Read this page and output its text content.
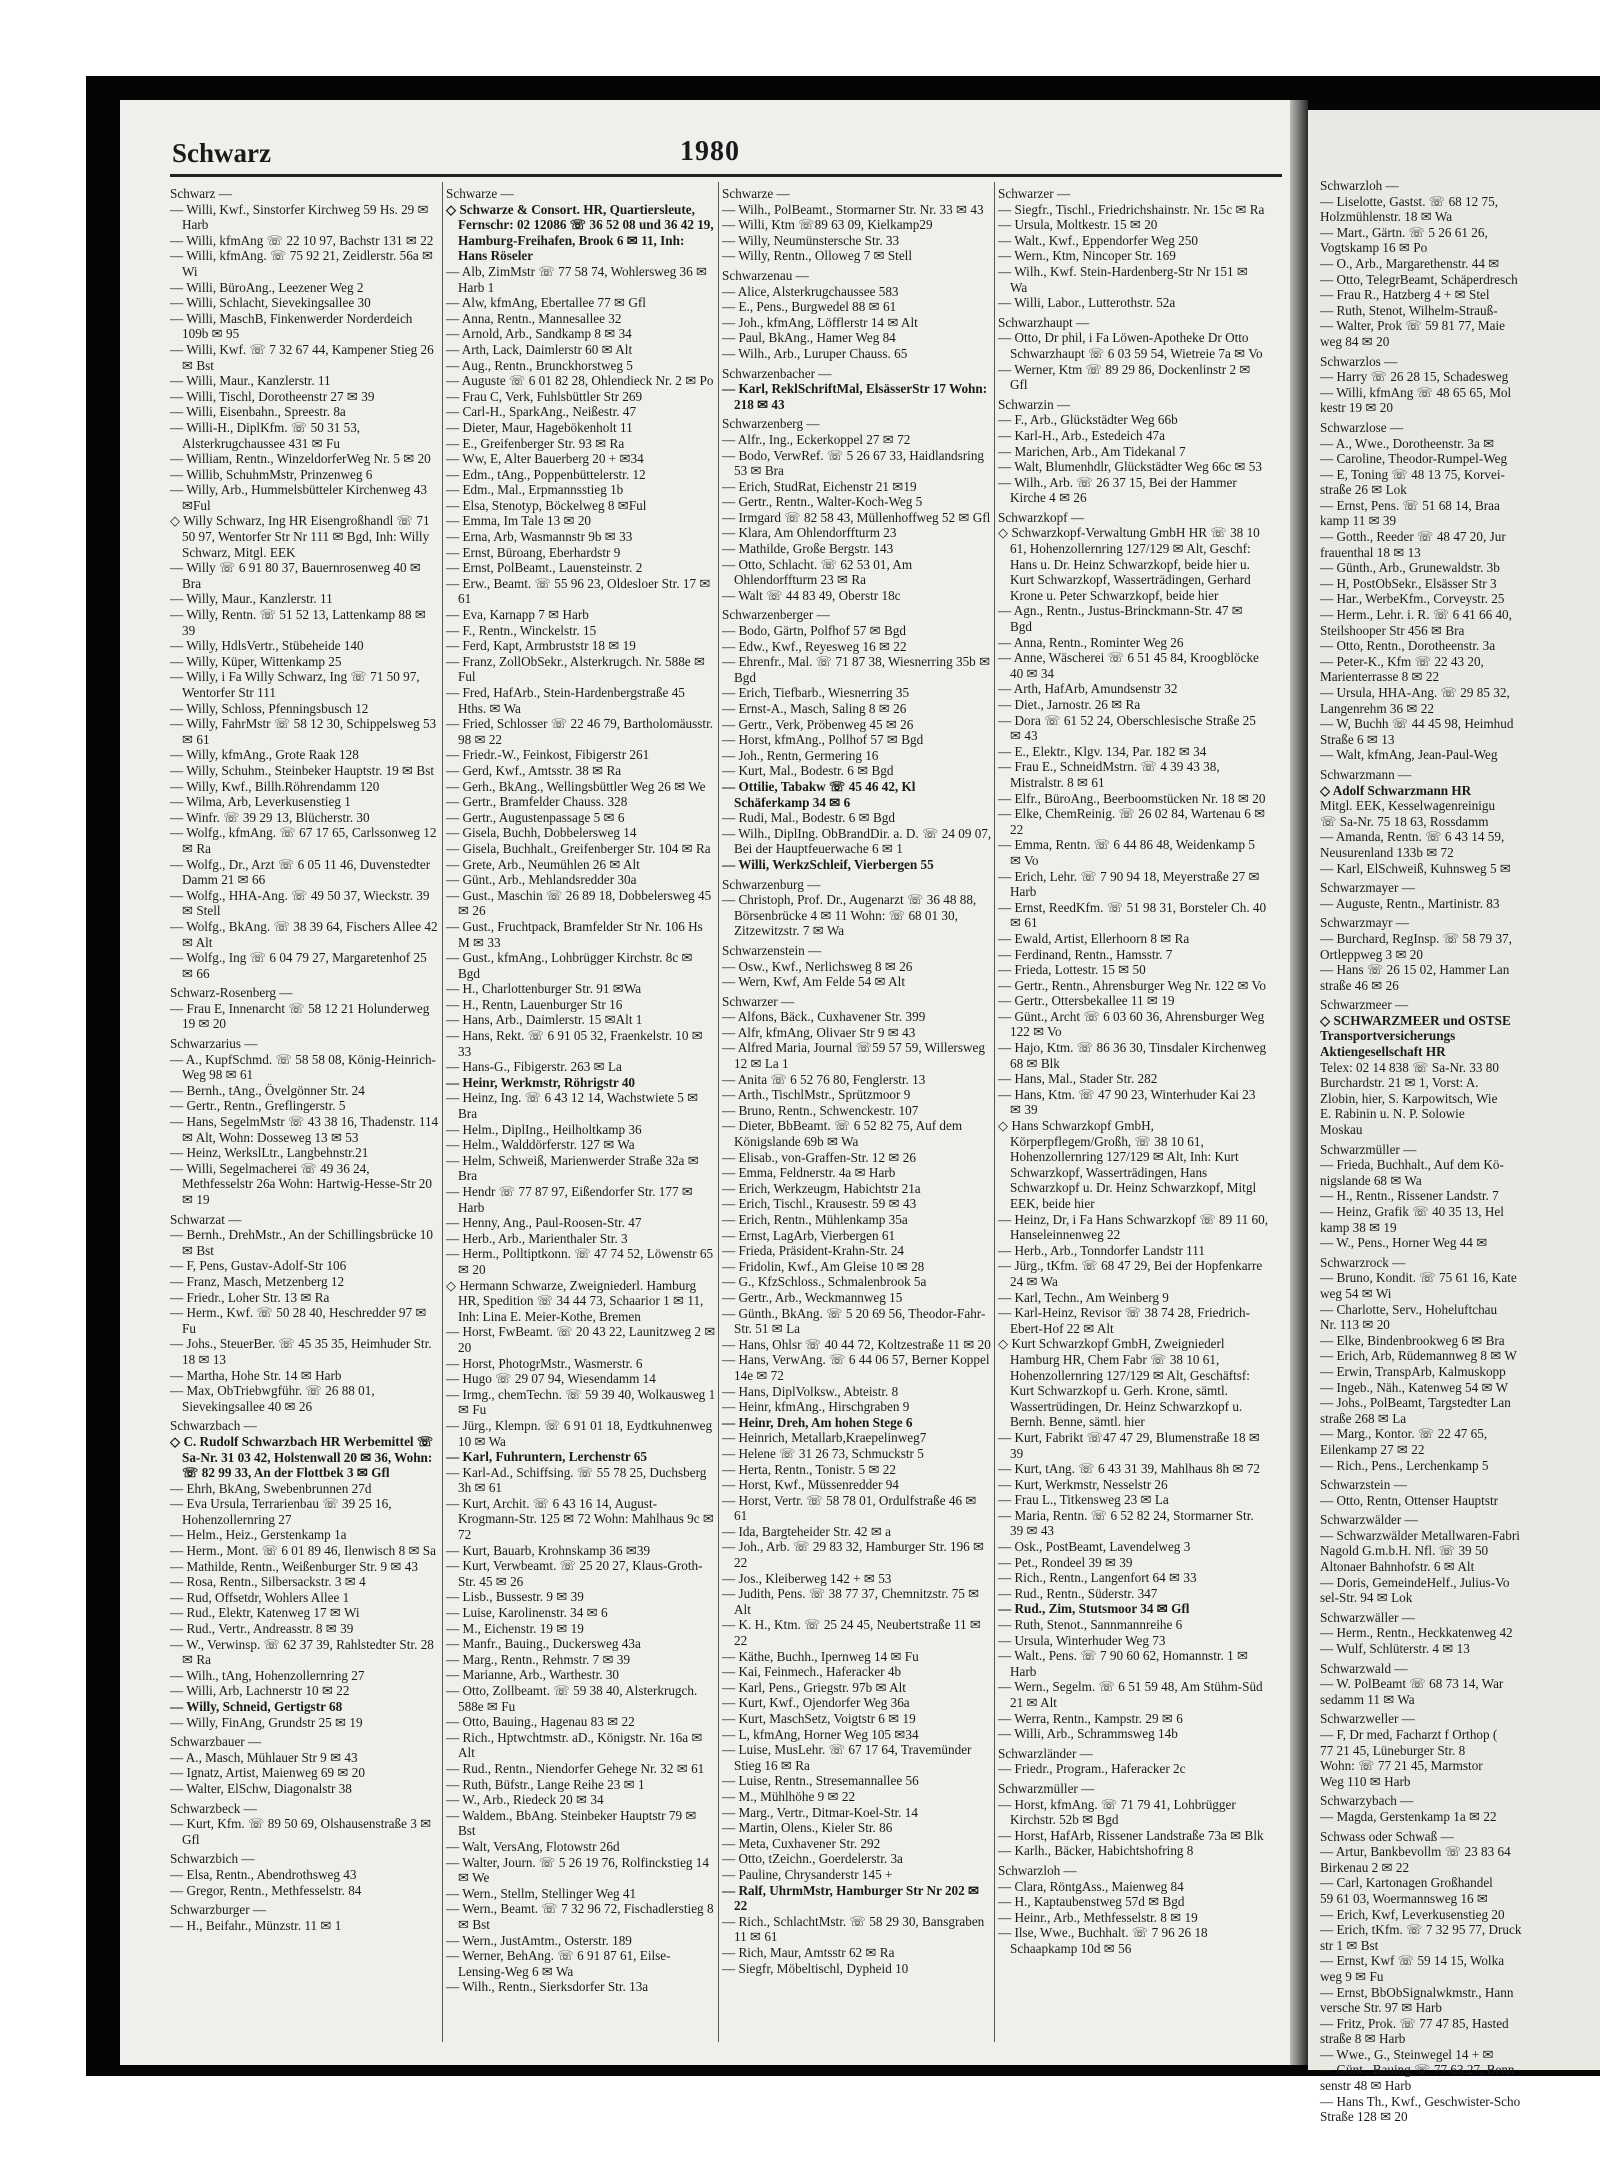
Schwarz	1980
Schwarz —
— Willi, Kwf., Sinstorfer Kirchweg 59 Hs. 29 ✉ Harb
— Willi, kfmAng ☏ 22 10 97, Bachstr 131 ✉ 22
— Willi, kfmAng. ☏ 75 92 21, Zeidlerstr. 56a ✉ Wi
— Willi, BüroAng., Leezener Weg 2
— Willi, Schlacht, Sievekingsallee 30
— Willi, MaschB, Finkenwerder Norderdeich 109b ✉ 95
— Willi, Kwf. ☏ 7 32 67 44, Kampener Stieg 26 ✉ Bst
— Willi, Maur., Kanzlerstr. 11
— Willi, Tischl, Dorotheenstr 27 ✉ 39
— Willi, Eisenbahn., Spreestr. 8a
— Willi-H., DiplKfm. ☏ 50 31 53, Alsterkrugchaussee 431 ✉ Fu
— William, Rentn., WinzeldorferWeg Nr. 5 ✉ 20
— Willib, SchuhmMstr, Prinzenweg 6
— Willy, Arb., Hummelsbütteler Kirchenweg 43 ✉Ful
◇ Willy Schwarz, Ing HR Eisengroßhandl ☏ 71 50 97, Wentorfer Str Nr 111 ✉ Bgd, Inh: Willy Schwarz, Mitgl. EEK
— Willy ☏ 6 91 80 37, Bauernrosenweg 40 ✉ Bra
— Willy, Maur., Kanzlerstr. 11
— Willy, Rentn. ☏ 51 52 13, Lattenkamp 88 ✉ 39
— Willy, HdlsVertr., Stübeheide 140
— Willy, Küper, Wittenkamp 25
— Willy, i Fa Willy Schwarz, Ing ☏ 71 50 97, Wentorfer Str 111
— Willy, Schloss, Pfenningsbusch 12
— Willy, FahrMstr ☏ 58 12 30, Schippelsweg 53 ✉ 61
— Willy, kfmAng., Grote Raak 128
— Willy, Schuhm., Steinbeker Hauptstr. 19 ✉ Bst
— Willy, Kwf., Billh.Röhrendamm 120
— Wilma, Arb, Leverkusenstieg 1
— Winfr. ☏ 39 29 13, Blücherstr. 30
— Wolfg., kfmAng. ☏ 67 17 65, Carlssonweg 12 ✉ Ra
— Wolfg., Dr., Arzt ☏ 6 05 11 46, Duvenstedter Damm 21 ✉ 66
— Wolfg., HHA-Ang. ☏ 49 50 37, Wieckstr. 39 ✉ Stell
— Wolfg., BkAng. ☏ 38 39 64, Fischers Allee 42 ✉ Alt
— Wolfg., Ing ☏ 6 04 79 27, Margaretenhof 25 ✉ 66
Schwarz-Rosenberg —
— Frau E, Innenarcht ☏ 58 12 21 Holunderweg 19 ✉ 20
Schwarzarius —
— A., KupfSchmd. ☏ 58 58 08, König-Heinrich-Weg 98 ✉ 61
— Bernh., tAng., Övelgönner Str. 24
— Gertr., Rentn., Greflingerstr. 5
— Hans, SegelmMstr ☏ 43 38 16, Thadenstr. 114 ✉ Alt, Wohn: Dosseweg 13 ✉ 53
— Heinz, WerkslLtr., Langbehnstr.21
— Willi, Segelmacherei ☏ 49 36 24, Methfesselstr 26a Wohn: Hartwig-Hesse-Str 20 ✉ 19
Schwarzat —
— Bernh., DrehMstr., An der Schillingsbrücke 10 ✉ Bst
— F, Pens, Gustav-Adolf-Str 106
— Franz, Masch, Metzenberg 12
— Friedr., Loher Str. 13 ✉ Ra
— Herm., Kwf. ☏ 50 28 40, Heschredder 97 ✉ Fu
— Johs., SteuerBer. ☏ 45 35 35, Heimhuder Str. 18 ✉ 13
— Martha, Hohe Str. 14 ✉ Harb
— Max, ObTriebwgführ. ☏ 26 88 01, Sievekingsallee 40 ✉ 26
Schwarzbach —
◇ C. Rudolf Schwarzbach HR Werbemittel ☏ Sa-Nr. 31 03 42, Holstenwall 20 ✉ 36, Wohn: ☏ 82 99 33, An der Flottbek 3 ✉ Gfl
— Ehrh, BkAng, Swebenbrunnen 27d
— Eva Ursula, Terrarienbau ☏ 39 25 16, Hohenzollernring 27
— Helm., Heiz., Gerstenkamp 1a
— Herm., Mont. ☏ 6 01 89 46, Ilenwisch 8 ✉ Sa
— Mathilde, Rentn., Weißenburger Str. 9 ✉ 43
— Rosa, Rentn., Silbersackstr. 3 ✉ 4
— Rud, Offsetdr, Wohlers Allee 1
— Rud., Elektr, Katenweg 17 ✉ Wi
— Rud., Vertr., Andreasstr. 8 ✉ 39
— W., Verwinsp. ☏ 62 37 39, Rahlstedter Str. 28 ✉ Ra
— Wilh., tAng, Hohenzollernring 27
— Willi, Arb, Lachnerstr 10 ✉ 22
— Willy, Schneid, Gertigstr 68
— Willy, FinAng, Grundstr 25 ✉ 19
Schwarzbauer —
— A., Masch, Mühlauer Str 9 ✉ 43
— Ignatz, Artist, Maienweg 69 ✉ 20
— Walter, ElSchw, Diagonalstr 38
Schwarzbeck —
— Kurt, Kfm. ☏ 89 50 69, Olshausenstraße 3 ✉ Gfl
Schwarzbich —
— Elsa, Rentn., Abendrothsweg 43
— Gregor, Rentn., Methfesselstr. 84
Schwarzburger —
— H., Beifahr., Münzstr. 11 ✉ 1
Schwarze —
◇ Schwarze & Consort. HR, Quartiersleute, Fernschr: 02 12086 ☏ 36 52 08 und 36 42 19, Hamburg-Freihafen, Brook 6 ✉ 11, Inh: Hans Röseler
— Alb, ZimMstr ☏ 77 58 74, Wohlersweg 36 ✉ Harb 1
— Alw, kfmAng, Ebertallee 77 ✉ Gfl
— Anna, Rentn., Mannesallee 32
— Arnold, Arb., Sandkamp 8 ✉ 34
— Arth, Lack, Daimlerstr 60 ✉ Alt
— Aug., Rentn., Brunckhorstweg 5
— Auguste ☏ 6 01 82 28, Ohlendieck Nr. 2 ✉ Po
— Frau C, Verk, Fuhlsbüttler Str 269
— Carl-H., SparkAng., Neißestr. 47
— Dieter, Maur, Hagebökenholt 11
— E., Greifenberger Str. 93 ✉ Ra
— Ww, E, Alter Bauerberg 20 + ✉34
— Edm., tAng., Poppenbüttelerstr. 12
— Edm., Mal., Erpmannsstieg 1b
— Elsa, Stenotyp, Böckelweg 8 ✉Ful
— Emma, Im Tale 13 ✉ 20
— Erna, Arb, Wasmannstr 9b ✉ 33
— Ernst, Büroang, Eberhardstr 9
— Ernst, PolBeamt., Lauensteinstr. 2
— Erw., Beamt. ☏ 55 96 23, Oldesloer Str. 17 ✉ 61
— Eva, Karnapp 7 ✉ Harb
— F., Rentn., Winckelstr. 15
— Ferd, Kapt, Armbruststr 18 ✉ 19
— Franz, ZollObSekr., Alsterkrugch. Nr. 588e ✉ Ful
— Fred, HafArb., Stein-Hardenbergstraße 45 Hths. ✉ Wa
— Fried, Schlosser ☏ 22 46 79, Bartholomäusstr. 98 ✉ 22
— Friedr.-W., Feinkost, Fibigerstr 261
— Gerd, Kwf., Amtsstr. 38 ✉ Ra
— Gerh., BkAng., Wellingsbüttler Weg 26 ✉ We
— Gertr., Bramfelder Chauss. 328
— Gertr., Augustenpassage 5 ✉ 6
— Gisela, Buchh, Dobbelersweg 14
— Gisela, Buchhalt., Greifenberger Str. 104 ✉ Ra
— Grete, Arb., Neumühlen 26 ✉ Alt
— Günt., Arb., Mehlandsredder 30a
— Gust., Maschin ☏ 26 89 18, Dobbelersweg 45 ✉ 26
— Gust., Fruchtpack, Bramfelder Str Nr. 106 Hs M ✉ 33
— Gust., kfmAng., Lohbrügger Kirchstr. 8c ✉ Bgd
— H., Charlottenburger Str. 91 ✉Wa
— H., Rentn, Lauenburger Str 16
— Hans, Arb., Daimlerstr. 15 ✉Alt 1
— Hans, Rekt. ☏ 6 91 05 32, Fraenkelstr. 10 ✉ 33
— Hans-G., Fibigerstr. 263 ✉ La
— Heinr, Werkmstr, Röhrigstr 40
— Heinz, Ing. ☏ 6 43 12 14, Wachstwiete 5 ✉ Bra
— Helm., DiplIng., Heilholtkamp 36
— Helm., Walddörferstr. 127 ✉ Wa
— Helm, Schweiß, Marienwerder Straße 32a ✉ Bra
— Hendr ☏ 77 87 97, Eißendorfer Str. 177 ✉ Harb
— Henny, Ang., Paul-Roosen-Str. 47
— Herb., Arb., Marienthaler Str. 3
— Herm., Polltiptkonn. ☏ 47 74 52, Löwenstr 65 ✉ 20
◇ Hermann Schwarze, Zweigniederl. Hamburg HR, Spedition ☏ 34 44 73, Schaarior 1 ✉ 11, Inh: Lina E. Meier-Kothe, Bremen
— Horst, FwBeamt. ☏ 20 43 22, Launitzweg 2 ✉ 20
— Horst, PhotogrMstr., Wasmerstr. 6
— Hugo ☏ 29 07 94, Wiesendamm 14
— Irmg., chemTechn. ☏ 59 39 40, Wolkausweg 1 ✉ Fu
— Jürg., Klempn. ☏ 6 91 01 18, Eydtkuhnenweg 10 ✉ Wa
— Karl, Fuhruntern, Lerchenstr 65
— Karl-Ad., Schiffsing. ☏ 55 78 25, Duchsberg 3h ✉ 61
— Kurt, Archit. ☏ 6 43 16 14, August-Krogmann-Str. 125 ✉ 72 Wohn: Mahlhaus 9c ✉ 72
— Kurt, Bauarb, Krohnskamp 36 ✉39
— Kurt, Verwbeamt. ☏ 25 20 27, Klaus-Groth-Str. 45 ✉ 26
— Lisb., Bussestr. 9 ✉ 39
— Luise, Karolinenstr. 34 ✉ 6
— M., Eichenstr. 19 ✉ 19
— Manfr., Bauing., Duckersweg 43a
— Marg., Rentn., Rehmstr. 7 ✉ 39
— Marianne, Arb., Warthestr. 30
— Otto, Zollbeamt. ☏ 59 38 40, Alsterkrugch. 588e ✉ Fu
— Otto, Bauing., Hagenau 83 ✉ 22
— Rich., Hptwchtmstr. aD., Königstr. Nr. 16a ✉ Alt
— Rud., Rentn., Niendorfer Gehege Nr. 32 ✉ 61
— Ruth, Büfstr., Lange Reihe 23 ✉ 1
— W., Arb., Riedeck 20 ✉ 34
— Waldem., BbAng. Steinbeker Hauptstr 79 ✉ Bst
— Walt, VersAng, Flotowstr 26d
— Walter, Journ. ☏ 5 26 19 76, Rolfinckstieg 14 ✉ We
— Wern., Stellm, Stellinger Weg 41
— Wern., Beamt. ☏ 7 32 96 72, Fischadlerstieg 8 ✉ Bst
— Wern., JustAmtm., Osterstr. 189
— Werner, BehAng. ☏ 6 91 87 61, Eilse-Lensing-Weg 6 ✉ Wa
— Wilh., Rentn., Sierksdorfer Str. 13a
Schwarze —
— Wilh., PolBeamt., Stormarner Str. Nr. 33 ✉ 43
— Willi, Ktm ☏89 63 09, Kielkamp29
— Willy, Neumünstersche Str. 33
— Willy, Rentn., Olloweg 7 ✉ Stell
Schwarzenau —
— Alice, Alsterkrugchaussee 583
— E., Pens., Burgwedel 88 ✉ 61
— Joh., kfmAng, Löfflerstr 14 ✉ Alt
— Paul, BkAng., Hamer Weg 84
— Wilh., Arb., Luruper Chauss. 65
Schwarzenbacher —
— Karl, ReklSchriftMal, ElsässerStr 17 Wohn: 218 ✉ 43
Schwarzenberg —
— Alfr., Ing., Eckerkoppel 27 ✉ 72
— Bodo, VerwRef. ☏ 5 26 67 33, Haidlandsring 53 ✉ Bra
— Erich, StudRat, Eichenstr 21 ✉19
— Gertr., Rentn., Walter-Koch-Weg 5
— Irmgard ☏ 82 58 43, Müllenhoffweg 52 ✉ Gfl
— Klara, Am Ohlendorffturm 23
— Mathilde, Große Bergstr. 143
— Otto, Schlacht. ☏ 62 53 01, Am Ohlendorffturm 23 ✉ Ra
— Walt ☏ 44 83 49, Oberstr 18c
Schwarzenberger —
— Bodo, Gärtn, Polfhof 57 ✉ Bgd
— Edw., Kwf., Reyesweg 16 ✉ 22
— Ehrenfr., Mal. ☏ 71 87 38, Wiesnerring 35b ✉ Bgd
— Erich, Tiefbarb., Wiesnerring 35
— Ernst-A., Masch, Saling 8 ✉ 26
— Gertr., Verk, Pröbenweg 45 ✉ 26
— Horst, kfmAng., Pollhof 57 ✉ Bgd
— Joh., Rentn, Germering 16
— Kurt, Mal., Bodestr. 6 ✉ Bgd
— Ottilie, Tabakw ☏ 45 46 42, Kl Schäferkamp 34 ✉ 6
— Rudi, Mal., Bodestr. 6 ✉ Bgd
— Wilh., DiplIng. ObBrandDir. a. D. ☏ 24 09 07, Bei der Hauptfeuerwache 6 ✉ 1
— Willi, WerkzSchleif, Vierbergen 55
Schwarzenburg —
— Christoph, Prof. Dr., Augenarzt ☏ 36 48 88, Börsenbrücke 4 ✉ 11 Wohn: ☏ 68 01 30, Zitzewitzstr. 7 ✉ Wa
Schwarzenstein —
— Osw., Kwf., Nerlichsweg 8 ✉ 26
— Wern, Kwf, Am Felde 54 ✉ Alt
Schwarzer —
— Alfons, Bäck., Cuxhavener Str. 399
— Alfr, kfmAng, Olivaer Str 9 ✉ 43
— Alfred Maria, Journal ☏59 57 59, Willersweg 12 ✉ La 1
— Anita ☏ 6 52 76 80, Fenglerstr. 13
— Arth., TischlMstr., Sprützmoor 9
— Bruno, Rentn., Schwenckestr. 107
— Dieter, BbBeamt. ☏ 6 52 82 75, Auf dem Königslande 69b ✉ Wa
— Elisab., von-Graffen-Str. 12 ✉ 26
— Emma, Feldnerstr. 4a ✉ Harb
— Erich, Werkzeugm, Habichtstr 21a
— Erich, Tischl., Krausestr. 59 ✉ 43
— Erich, Rentn., Mühlenkamp 35a
— Ernst, LagArb, Vierbergen 61
— Frieda, Präsident-Krahn-Str. 24
— Fridolin, Kwf., Am Gleise 10 ✉ 28
— G., KfzSchloss., Schmalenbrook 5a
— Gertr., Arb., Weckmannweg 15
— Günth., BkAng. ☏ 5 20 69 56, Theodor-Fahr-Str. 51 ✉ La
— Hans, Ohlsr ☏ 40 44 72, Koltzestraße 11 ✉ 20
— Hans, VerwAng. ☏ 6 44 06 57, Berner Koppel 14e ✉ 72
— Hans, DiplVolksw., Abteistr. 8
— Heinr, kfmAng., Hirschgraben 9
— Heinr, Dreh, Am hohen Stege 6
— Heinrich, Metallarb,Kraepelinweg7
— Helene ☏ 31 26 73, Schmuckstr 5
— Herta, Rentn., Tonistr. 5 ✉ 22
— Horst, Kwf., Müssenredder 94
— Horst, Vertr. ☏ 58 78 01, Ordulfstraße 46 ✉ 61
— Ida, Bargteheider Str. 42 ✉ a
— Joh., Arb. ☏ 29 83 32, Hamburger Str. 196 ✉ 22
— Jos., Kleiberweg 142 + ✉ 53
— Judith, Pens. ☏ 38 77 37, Chemnitzstr. 75 ✉ Alt
— K. H., Ktm. ☏ 25 24 45, Neubertstraße 11 ✉ 22
— Käthe, Buchh., Ipernweg 14 ✉ Fu
— Kai, Feinmech., Haferacker 4b
— Karl, Pens., Griegstr. 97b ✉ Alt
— Kurt, Kwf., Ojendorfer Weg 36a
— Kurt, MaschSetz, Voigtstr 6 ✉ 19
— L, kfmAng, Horner Weg 105 ✉34
— Luise, MusLehr. ☏ 67 17 64, Travemünder Stieg 16 ✉ Ra
— Luise, Rentn., Stresemannallee 56
— M., Mühlhöhe 9 ✉ 22
— Marg., Vertr., Ditmar-Koel-Str. 14
— Martin, Olens., Kieler Str. 86
— Meta, Cuxhavener Str. 292
— Otto, tZeichn., Goerdelerstr. 3a
— Pauline, Chrysanderstr 145 +
— Ralf, UhrmMstr, Hamburger Str Nr 202 ✉ 22
— Rich., SchlachtMstr. ☏ 58 29 30, Bansgraben 11 ✉ 61
— Rich, Maur, Amtsstr 62 ✉ Ra
— Siegfr, Möbeltischl, Dypheid 10
Schwarzer —
— Siegfr., Tischl., Friedrichshainstr. Nr. 15c ✉ Ra
— Ursula, Moltkestr. 15 ✉ 20
— Walt., Kwf., Eppendorfer Weg 250
— Wern., Ktm, Nincoper Str. 169
— Wilh., Kwf. Stein-Hardenberg-Str Nr 151 ✉ Wa
— Willi, Labor., Lutterothstr. 52a
Schwarzhaupt —
— Otto, Dr phil, i Fa Löwen-Apotheke Dr Otto Schwarzhaupt ☏ 6 03 59 54, Wietreie 7a ✉ Vo
— Werner, Ktm ☏ 89 29 86, Dockenlinstr 2 ✉ Gfl
Schwarzin —
— F., Arb., Glückstädter Weg 66b
— Karl-H., Arb., Estedeich 47a
— Marichen, Arb., Am Tidekanal 7
— Walt, Blumenhdlr, Glückstädter Weg 66c ✉ 53
— Wilh., Arb. ☏ 26 37 15, Bei der Hammer Kirche 4 ✉ 26
Schwarzkopf —
◇ Schwarzkopf-Verwaltung GmbH HR ☏ 38 10 61, Hohenzollernring 127/129 ✉ Alt, Geschf: Hans u. Dr. Heinz Schwarzkopf, beide hier u. Kurt Schwarzkopf, Wasserträdingen, Gerhard Krone u. Peter Schwarzkopf, beide hier
— Agn., Rentn., Justus-Brinckmann-Str. 47 ✉ Bgd
— Anna, Rentn., Rominter Weg 26
— Anne, Wäscherei ☏ 6 51 45 84, Kroogblöcke 40 ✉ 34
— Arth, HafArb, Amundsenstr 32
— Diet., Jarnostr. 26 ✉ Ra
— Dora ☏ 61 52 24, Oberschlesische Straße 25 ✉ 43
— E., Elektr., Klgv. 134, Par. 182 ✉ 34
— Frau E., SchneidMstrn. ☏ 4 39 43 38, Mistralstr. 8 ✉ 61
— Elfr., BüroAng., Beerboomstücken Nr. 18 ✉ 20
— Elke, ChemReinig. ☏ 26 02 84, Wartenau 6 ✉ 22
— Emma, Rentn. ☏ 6 44 86 48, Weidenkamp 5 ✉ Vo
— Erich, Lehr. ☏ 7 90 94 18, Meyerstraße 27 ✉ Harb
— Ernst, ReedKfm. ☏ 51 98 31, Borsteler Ch. 40 ✉ 61
— Ewald, Artist, Ellerhoorn 8 ✉ Ra
— Ferdinand, Rentn., Hamsstr. 7
— Frieda, Lottestr. 15 ✉ 50
— Gertr., Rentn., Ahrensburger Weg Nr. 122 ✉ Vo
— Gertr., Ottersbekallee 11 ✉ 19
— Günt., Archt ☏ 6 03 60 36, Ahrensburger Weg 122 ✉ Vo
— Hajo, Ktm. ☏ 86 36 30, Tinsdaler Kirchenweg 68 ✉ Blk
— Hans, Mal., Stader Str. 282
— Hans, Ktm. ☏ 47 90 23, Winterhuder Kai 23 ✉ 39
◇ Hans Schwarzkopf GmbH, Körperpflegem/Großh, ☏ 38 10 61, Hohenzollernring 127/129 ✉ Alt, Inh: Kurt Schwarzkopf, Wasserträdingen, Hans Schwarzkopf u. Dr. Heinz Schwarzkopf, Mitgl EEK, beide hier
— Heinz, Dr, i Fa Hans Schwarzkopf ☏ 89 11 60, Hanseleinnenweg 22
— Herb., Arb., Tonndorfer Landstr 111
— Jürg., tKfm. ☏ 68 47 29, Bei der Hopfenkarre 24 ✉ Wa
— Karl, Techn., Am Weinberg 9
— Karl-Heinz, Revisor ☏ 38 74 28, Friedrich-Ebert-Hof 22 ✉ Alt
◇ Kurt Schwarzkopf GmbH, Zweigniederl Hamburg HR, Chem Fabr ☏ 38 10 61, Hohenzollernring 127/129 ✉ Alt, Geschäftsf: Kurt Schwarzkopf u. Gerh. Krone, sämtl. Wassertrüdingen, Dr. Heinz Schwarzkopf u. Bernh. Benne, sämtl. hier
— Kurt, Fabrikt ☏47 47 29, Blumenstraße 18 ✉ 39
— Kurt, tAng. ☏ 6 43 31 39, Mahlhaus 8h ✉ 72
— Kurt, Werkmstr, Nesselstr 26
— Frau L., Titkensweg 23 ✉ La
— Maria, Rentn. ☏ 6 52 82 24, Stormarner Str. 39 ✉ 43
— Osk., PostBeamt, Lavendelweg 3
— Pet., Rondeel 39 ✉ 39
— Rich., Rentn., Langenfort 64 ✉ 33
— Rud., Rentn., Süderstr. 347
— Rud., Zim, Stutsmoor 34 ✉ Gfl
— Ruth, Stenot., Sannmannreihe 6
— Ursula, Winterhuder Weg 73
— Walt., Pens. ☏ 7 90 60 62, Homannstr. 1 ✉ Harb
— Wern., Segelm. ☏ 6 51 59 48, Am Stühm-Süd 21 ✉ Alt
— Werra, Rentn., Kampstr. 29 ✉ 6
— Willi, Arb., Schrammsweg 14b
Schwarzländer —
— Friedr., Program., Haferacker 2c
Schwarzmüller —
— Horst, kfmAng. ☏ 71 79 41, Lohbrügger Kirchstr. 52b ✉ Bgd
— Horst, HafArb, Rissener Landstraße 73a ✉ Blk
— Karlh., Bäcker, Habichtshofring 8
Schwarzloh —
— Clara, RöntgAss., Maienweg 84
— H., Kaptaubenstweg 57d ✉ Bgd
— Heinr., Arb., Methfesselstr. 8 ✉ 19
— Ilse, Wwe., Buchhalt. ☏ 7 96 26 18 Schaapkamp 10d ✉ 56
Schwarzloh —
— Liselotte, Gastst. ☏ 68 12 75,
Holzmühlenstr. 18 ✉ Wa
— Mart., Gärtn. ☏ 5 26 61 26,
Vogtskamp 16 ✉ Po
— O., Arb., Margarethenstr. 44 ✉
— Otto, TelegrBeamt, Schäperdresch
— Frau R., Hatzberg 4 + ✉ Stel
— Ruth, Stenot, Wilhelm-Strauß-
— Walter, Prok ☏ 59 81 77, Maie
weg 84 ✉ 20
Schwarzlos —
— Harry ☏ 26 28 15, Schadesweg
— Willi, kfmAng ☏ 48 65 65, Mol
kestr 19 ✉ 20
Schwarzlose —
— A., Wwe., Dorotheenstr. 3a ✉
— Caroline, Theodor-Rumpel-Weg
— E, Toning ☏ 48 13 75, Korvei-
straße 26 ✉ Lok
— Ernst, Pens. ☏ 51 68 14, Braa
kamp 11 ✉ 39
— Gotth., Reeder ☏ 48 47 20, Jur
frauenthal 18 ✉ 13
— Günth., Arb., Grunewaldstr. 3b
— H, PostObSekr., Elsässer Str 3
— Har., WerbeKfm., Corveystr. 25
— Herm., Lehr. i. R. ☏ 6 41 66 40,
Steilshooper Str 456 ✉ Bra
— Otto, Rentn., Dorotheenstr. 3a
— Peter-K., Kfm ☏ 22 43 20,
Marienterrasse 8 ✉ 22
— Ursula, HHA-Ang. ☏ 29 85 32,
Langenrehm 36 ✉ 22
— W, Buchh ☏ 44 45 98, Heimhud
Straße 6 ✉ 13
— Walt, kfmAng, Jean-Paul-Weg
Schwarzmann —
◇ Adolf Schwarzmann HR
Mitgl. EEK, Kesselwagenreinigu
☏ Sa-Nr. 75 18 63, Rossdamm
— Amanda, Rentn. ☏ 6 43 14 59,
Neusurenland 133b ✉ 72
— Karl, ElSchweiß, Kuhnsweg 5 ✉
Schwarzmayer —
— Auguste, Rentn., Martinistr. 83
Schwarzmayr —
— Burchard, RegInsp. ☏ 58 79 37,
Ortleppweg 3 ✉ 20
— Hans ☏ 26 15 02, Hammer Lan
straße 46 ✉ 26
Schwarzmeer —
◇ SCHWARZMEER und OSTSE
Transportversicherungs
Aktiengesellschaft HR
Telex: 02 14 838 ☏ Sa-Nr. 33 80
Burchardstr. 21 ✉ 1, Vorst: A.
Zlobin, hier, S. Karpowitsch, Wie
E. Rabinin u. N. P. Solowie
Moskau
Schwarzmüller —
— Frieda, Buchhalt., Auf dem Kö-
nigslande 68 ✉ Wa
— H., Rentn., Rissener Landstr. 7
— Heinz, Grafik ☏ 40 35 13, Hel
kamp 38 ✉ 19
— W., Pens., Horner Weg 44 ✉
Schwarzrock —
— Bruno, Kondit. ☏ 75 61 16, Kate
weg 54 ✉ Wi
— Charlotte, Serv., Hoheluftchau
Nr. 113 ✉ 20
— Elke, Bindenbrookweg 6 ✉ Bra
— Erich, Arb, Rüdemannweg 8 ✉ W
— Erwin, TranspArb, Kalmuskopp
— Ingeb., Näh., Katenweg 54 ✉ W
— Johs., PolBeamt, Targstedter Lan
straße 268 ✉ La
— Marg., Kontor. ☏ 22 47 65,
Eilenkamp 27 ✉ 22
— Rich., Pens., Lerchenkamp 5
Schwarzstein —
— Otto, Rentn, Ottenser Hauptstr
Schwarzwälder —
— Schwarzwälder Metallwaren-Fabri
Nagold G.m.b.H. Nfl. ☏ 39 50
Altonaer Bahnhofstr. 6 ✉ Alt
— Doris, GemeindeHelf., Julius-Vo
sel-Str. 94 ✉ Lok
Schwarzwäller —
— Herm., Rentn., Heckkatenweg 42
— Wulf, Schlüterstr. 4 ✉ 13
Schwarzwald —
— W. PolBeamt ☏ 68 73 14, War
sedamm 11 ✉ Wa
Schwarzweller —
— F, Dr med, Facharzt f Orthop (
77 21 45, Lüneburger Str. 8
Wohn: ☏ 77 21 45, Marmstor
Weg 110 ✉ Harb
Schwarzybach —
— Magda, Gerstenkamp 1a ✉ 22
Schwass oder Schwaß —
— Artur, Bankbevollm ☏ 23 83 64
Birkenau 2 ✉ 22
— Carl, Kartonagen Großhandel
59 61 03, Woermannsweg 16 ✉
— Erich, Kwf, Leverkusenstieg 20
— Erich, tKfm. ☏ 7 32 95 77, Druck
str 1 ✉ Bst
— Ernst, Kwf ☏ 59 14 15, Wolka
weg 9 ✉ Fu
— Ernst, BbObSignalwkmstr., Hann
versche Str. 97 ✉ Harb
— Fritz, Prok. ☏ 77 47 85, Hasted
straße 8 ✉ Harb
— Wwe., G., Steinwegel 14 + ✉
— Günt., Bauing ☏ 77 63 27, Benn
senstr 48 ✉ Harb
— Hans Th., Kwf., Geschwister-Scho
Straße 128 ✉ 20
